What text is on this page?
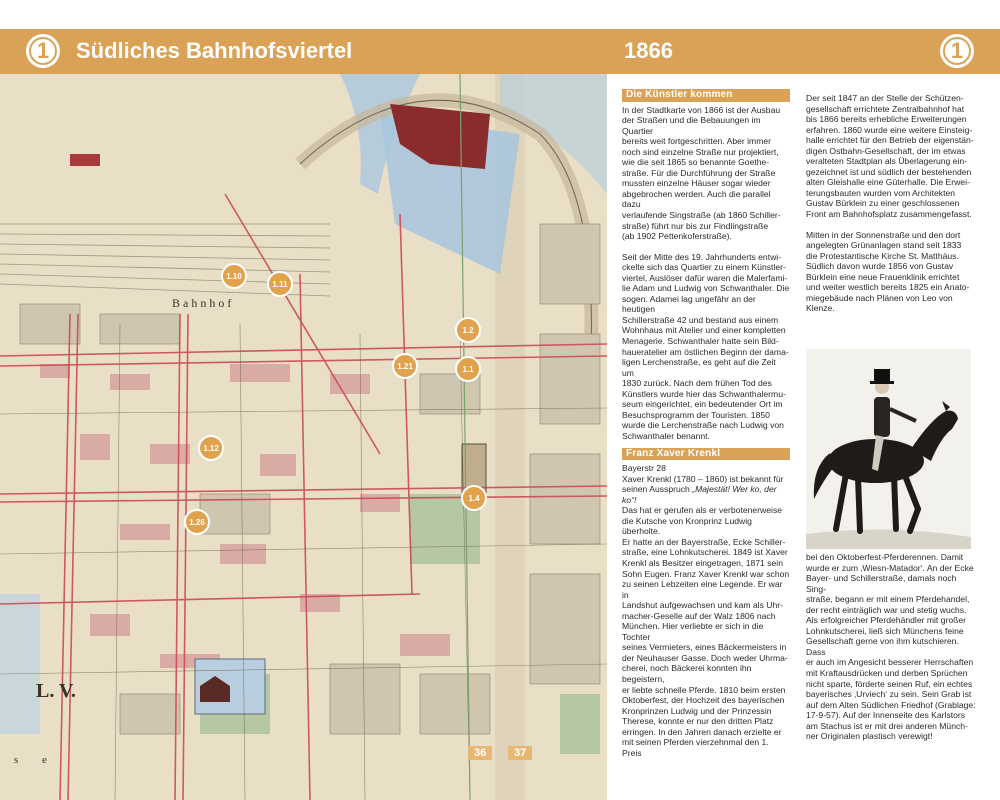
1	Südliches Bahnhofsviertel	1866	1
Bahnhof
L. V.
s e
1.10
1.11
1.2
1.21	1.1
1.12
1.4
1.26
36	37
Die Künstler kommen

In der Stadtkarte von 1866 ist der Ausbau
der Straßen und die Bebauungen im Quartier
bereits weit fortgeschritten. Aber immer
noch sind einzelne Straße nur projektiert,
wie die seit 1865 so benannte Goethe-
straße. Für die Durchführung der Straße
mussten einzelne Häuser sogar wieder
abgebrochen werden. Auch die parallel dazu
verlaufende Singstraße (ab 1860 Schiller-
straße) führt nur bis zur Findlingstraße
(ab 1902 Pettenkoferstraße).

Seit der Mitte des 19. Jahrhunderts entwi-
ckelte sich das Quartier zu einem Künstler-
viertel, Auslöser dafür waren die Malerfami-
lie Adam und Ludwig von Schwanthaler. Die
sogen. Adamei lag ungefähr an der heutigen
Schillerstraße 42 und bestand aus einem
Wohnhaus mit Atelier und einer kompletten
Menagerie. Schwanthaler hatte sein Bild-
haueratelier am östlichen Beginn der dama-
ligen Lerchenstraße, es geht auf die Zeit um
1830 zurück. Nach dem frühen Tod des
Künstlers wurde hier das Schwanthalermu-
seum eingerichtet, ein bedeutender Ort im
Besuchsprogramm der Touristen. 1850
wurde die Lerchenstraße nach Ludwig von
Schwanthaler benannt.

Franz Xaver Krenkl
Bayerstr 28

Xaver Krenkl (1780 – 1860) ist bekannt für
seinen Ausspruch „Majestät! Wer ko, der ko“!
Das hat er gerufen als er verbotenerweise
die Kutsche von Kronprinz Ludwig überholte.
Er hatte an der Bayerstraße, Ecke Schiller-
straße, eine Lohnkutscherei. 1849 ist Xaver
Krenkl als Besitzer eingetragen, 1871 sein
Sohn Eugen. Franz Xaver Krenkl war schon
zu seinen Lebzeiten eine Legende. Er war in
Landshut aufgewachsen und kam als Uhr-
macher-Geselle auf der Walz 1806 nach
München. Hier verliebte er sich in die Tochter
seines Vermieters, eines Bäckermeisters in
der Neuhauser Gasse. Doch weder Uhrma-
cherei, noch Bäckerei konnten ihn begeistern,
er liebte schnelle Pferde. 1810 beim ersten
Oktoberfest, der Hochzeit des bayerischen
Kronprinzen Ludwig und der Prinzessin
Therese, konnte er nur den dritten Platz
erringen. In den Jahren danach erzielte er
mit seinen Pferden vierzehnmal den 1. Preis

Der seit 1847 an der Stelle der Schützen-
gesellschaft errichtete Zentralbahnhof hat
bis 1866 bereits erhebliche Erweiterungen
erfahren. 1860 wurde eine weitere Einsteig-
halle errichtet für den Betrieb der eigenstän-
digen Ostbahn-Gesellschaft, der im etwas
veralteten Stadtplan als Überlagerung ein-
gezeichnet ist und südlich der bestehenden
alten Gleishalle eine Güterhalle. Die Erwei-
terungsbauten wurden vom Architekten
Gustav Bürklein zu einer geschlossenen
Front am Bahnhofsplatz zusammengefasst.

Mitten in der Sonnenstraße und den dort
angelegten Grünanlagen stand seit 1833
die Protestantische Kirche St. Matthäus.
Südlich davon wurde 1856 von Gustav
Bürklein eine neue Frauenklinik errichtet
und weiter westlich bereits 1825 ein Anato-
miegebäude nach Plänen von Leo von Klenze.

bei den Oktoberfest-Pferderennen. Damit
wurde er zum ‚Wiesn-Matador‘. An der Ecke
Bayer- und Schillerstraße, damals noch Sing-
straße, begann er mit einem Pferdehandel,
der recht einträglich war und stetig wuchs.
Als erfolgreicher Pferdehändler mit großer
Lohnkutscherei, ließ sich Münchens feine
Gesellschaft gerne von ihm kutschieren. Dass
er auch im Angesicht besserer Herrschaften
mit Kraftausdrücken und derben Sprüchen
nicht sparte, förderte seinen Ruf, ein echtes
bayerisches ‚Urviech‘ zu sein. Sein Grab ist
auf dem Alten Südlichen Friedhof (Grablage:
17-9-57). Auf der Innenseite des Karlstors
am Stachus ist er mit drei anderen Münch-
ner Originalen plastisch verewigt!
